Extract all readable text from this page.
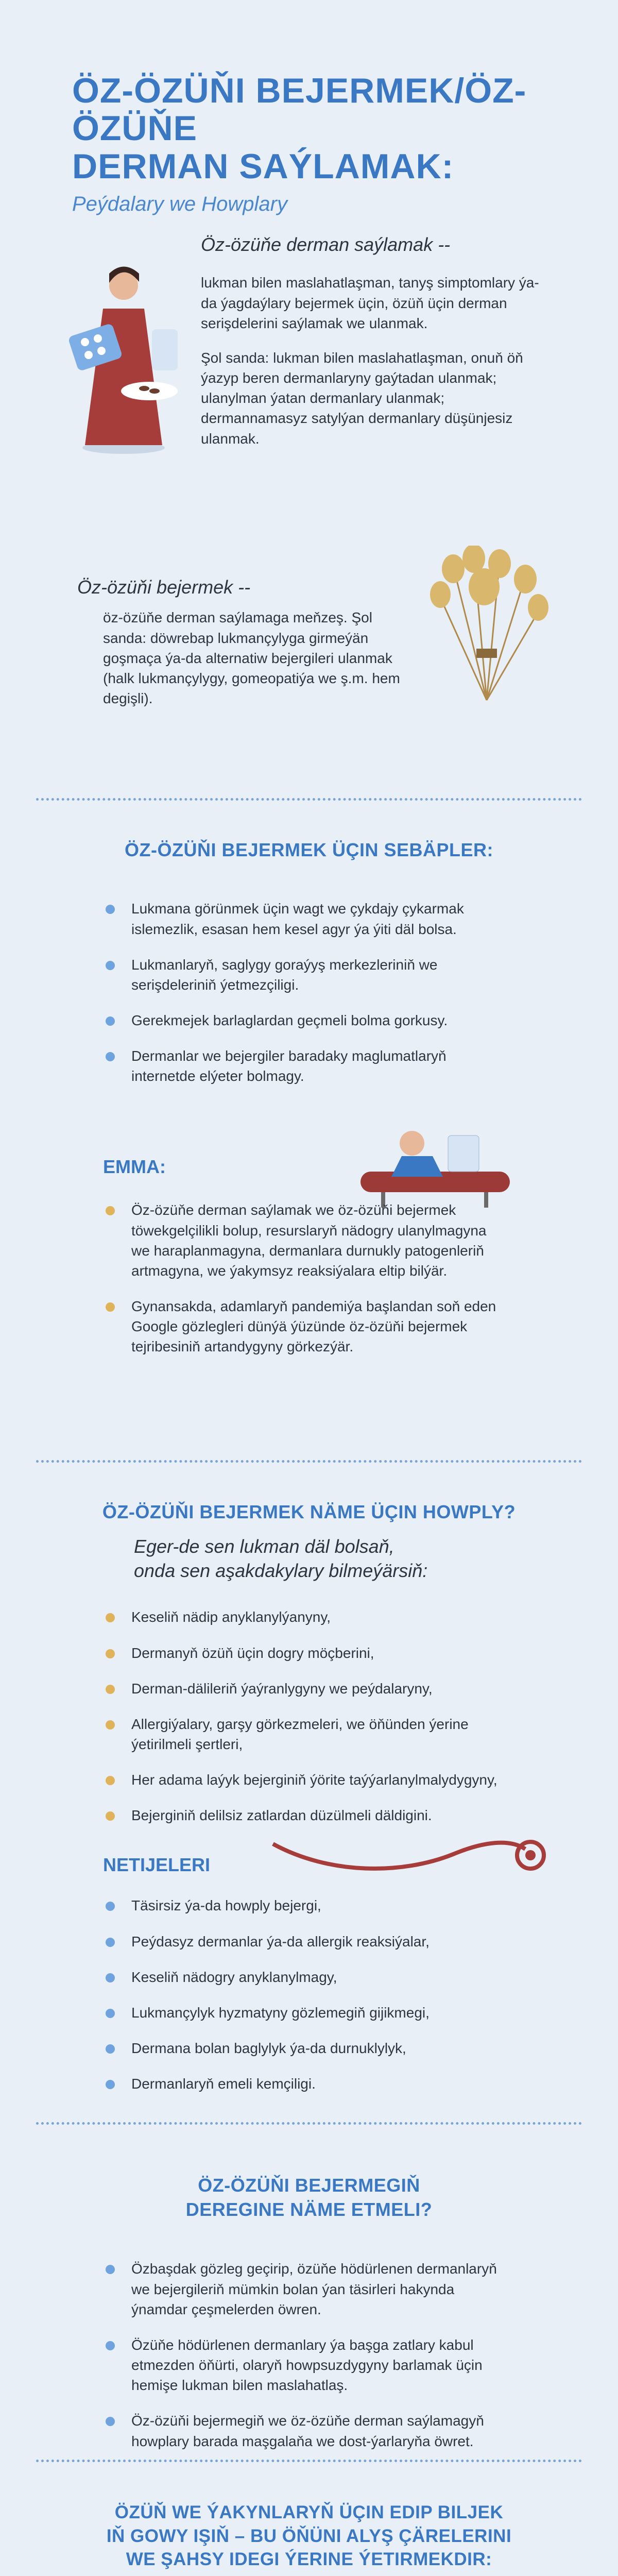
ÖZ-ÖZÜŇI BEJERMEK/ÖZ-ÖZÜŇE
DERMAN SAÝLAMAK:
Peýdalary we Howplary
Öz-özüňe derman saýlamak --

lukman bilen maslahatlaşman, tanyş simptomlary ýa-da ýagdaýlary bejermek üçin, özüň üçin derman serişdelerini saýlamak we ulanmak.

Şol sanda: lukman bilen maslahatlaşman, onuň öň ýazyp beren dermanlaryny gaýtadan ulanmak; ulanylman ýatan dermanlary ulanmak; dermannamasyz satylýan dermanlary düşünjesiz ulanmak.

Öz-özüňi bejermek --
öz-özüňe derman saýlamaga meňzeş. Şol sanda: döwrebap lukmançylyga girmeýän goşmaça ýa-da alternatiw bejergileri ulanmak (halk lukmançylygy, gomeopatiýa we ş.m. hem degişli).
ÖZ-ÖZÜŇI BEJERMEK ÜÇIN SEBÄPLER:
Lukmana görünmek üçin wagt we çykdajy çykarmak islemezlik, esasan hem kesel agyr ýa ýiti däl bolsa.
Lukmanlaryň, saglygy goraýyş merkezleriniň we serişdeleriniň ýetmezçiligi.
Gerekmejek barlaglardan geçmeli bolma gorkusy.
Dermanlar we bejergiler baradaky maglumatlaryň internetde elýeter bolmagy.
EMMA:
Öz-özüňe derman saýlamak we öz-özüňi bejermek töwekgelçilikli bolup, resurslaryň nädogry ulanylmagyna we haraplanmagyna, dermanlara durnukly patogenleriň artmagyna, we ýakymsyz reaksiýalara eltip bilýär.
Gynansakda, adamlaryň pandemiýa başlandan soň eden Google gözlegleri dünýä ýüzünde öz-özüňi bejermek tejribesiniň artandygyny görkezýär.
ÖZ-ÖZÜŇI BEJERMEK NÄME ÜÇIN HOWPLY?
Eger-de sen lukman däl bolsaň,
onda sen aşakdakylary bilmeýärsiň:
Keseliň nädip anyklanylýanyny,
Dermanyň özüň üçin dogry möçberini,
Derman-dälileriň ýaýranlygyny we peýdalaryny,
Allergiýalary, garşy görkezmeleri, we öňünden ýerine ýetirilmeli şertleri,
Her adama laýyk bejerginiň ýörite taýýarlanylmalydygyny,
Bejerginiň delilsiz zatlardan düzülmeli däldigini.
NETIJELERI
Täsirsiz ýa-da howply bejergi,
Peýdasyz dermanlar ýa-da allergik reaksiýalar,
Keseliň nädogry anyklanylmagy,
Lukmançylyk hyzmatyny gözlemegiň gijikmegi,
Dermana bolan baglylyk ýa-da durnuklylyk,
Dermanlaryň emeli kemçiligi.
ÖZ-ÖZÜŇI BEJERMEGIŇ
DEREGINE NÄME ETMELI?
Özbaşdak gözleg geçirip, özüňe hödürlenen dermanlaryň we bejergileriň mümkin bolan ýan täsirleri hakynda ýnamdar çeşmelerden öwren.
Özüňe hödürlenen dermanlary ýa başga zatlary kabul etmezden öňürti, olaryň howpsuzdygyny barlamak üçin hemişe lukman bilen maslahatlaş.
Öz-özüňi bejermegiň we öz-özüňe derman saýlamagyň howplary barada maşgalaňa we dost-ýarlaryňa öwret.
ÖZÜŇ WE ÝAKYNLARYŇ ÜÇIN EDIP BILJEK
IŇ GOWY IŞIŇ – BU ÖŇÜNI ALYŞ ÇÄRELERINI
WE ŞAHSY IDEGI ÝERINE ÝETIRMEKDIR:
